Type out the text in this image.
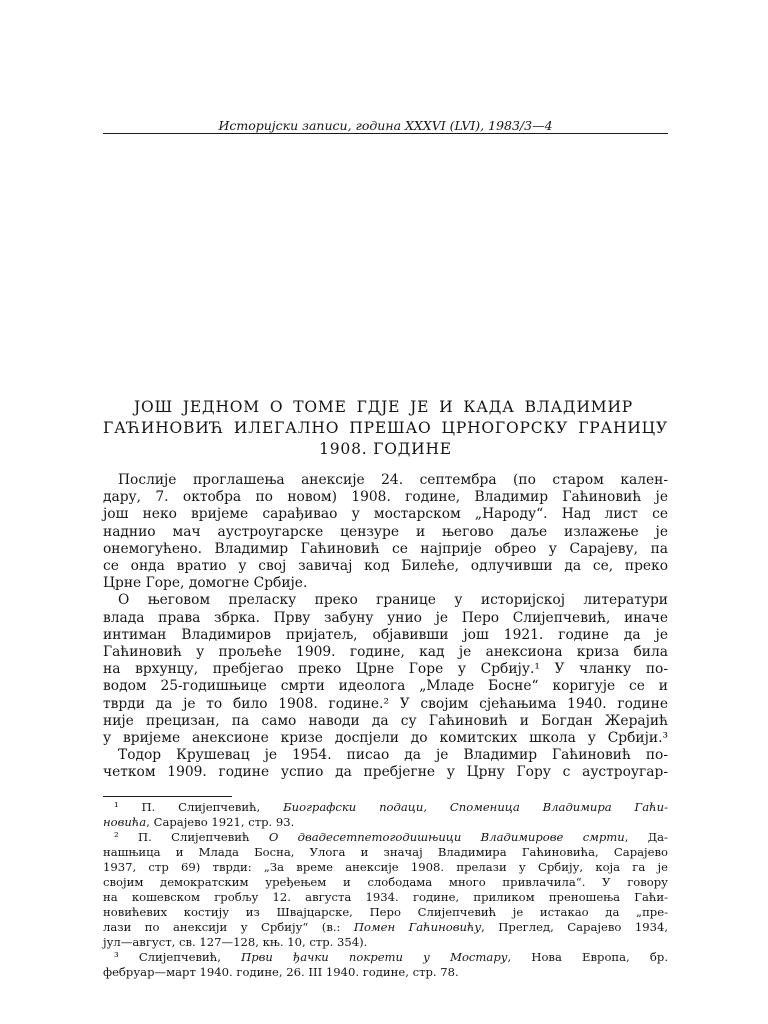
Историјски записи, година XXXVI (LVI), 1983/3—4
ЈОШ ЈЕДНОМ О ТОМЕ ГДЈЕ ЈЕ И КАДА ВЛАДИМИР
ГАЋИНОВИЋ ИЛЕГАЛНО ПРЕШАО ЦРНОГОРСКУ ГРАНИЦУ
1908. ГОДИНЕ
Послије проглашења анексије 24. септембра (по старом кален-
дару, 7. октобра по новом) 1908. године, Владимир Гаћиновић је
још неко вријеме сарађивао у мостарском „Народу“. Над лист се
наднио мач аустроугарске цензуре и његово даље излажење је
онемогућено. Владимир Гаћиновић се најприје обрео у Сарајеву, па
се онда вратио у свој завичај код Билеће, одлучивши да се, преко
Црне Горе, домогне Србије.
О његовом преласку преко границе у историјској литератури
влада права збрка. Прву забуну унио је Перо Слијепчевић, иначе
интиман Владимиров пријатељ, објавивши још 1921. године да је
Гаћиновић у прољеће 1909. године, кад је анексиона криза била
на врхунцу, пребјегао преко Црне Горе у Србију.¹ У чланку по-
водом 25-годишњице смрти идеолога „Младе Босне“ коригује се и
тврди да је то било 1908. године.² У својим сјећањима 1940. године
није прецизан, па само наводи да су Гаћиновић и Богдан Жерајић
у вријеме анексионе кризе доспјели до комитских школа у Србији.³
Тодор Крушевац је 1954. писао да је Владимир Гаћиновић по-
четком 1909. године успио да пребјегне у Црну Гору с аустроугар-
¹ П. Слијепчевић, Биографски подаци, Споменица Владимира Гаћи-
новића, Сарајево 1921, стр. 93.
² П. Слијепчевић О двадесетпетогодишњици Владимирове смрти, Да-
нашњица и Млада Босна, Улога и значај Владимира Гаћиновића, Сарајево
1937, стр 69) тврди: „За време анексије 1908. прелази у Србију, која га је
својим демократским уређењем и слободама много привлачила“. У говору
на кошевском гробљу 12. августа 1934. године, приликом преношења Гаћи-
новићевих костију из Швајцарске, Перо Слијепчевић је истакао да „пре-
лази по анексији у Србију“ (в.: Помен Гаћиновићу, Преглед, Сарајево 1934,
јул—август, св. 127—128, књ. 10, стр. 354).
³ Слијепчевић, Први ђачки покрети у Мостару, Нова Европа, бр.
фебруар—март 1940. године, 26. III 1940. године, стр. 78.
